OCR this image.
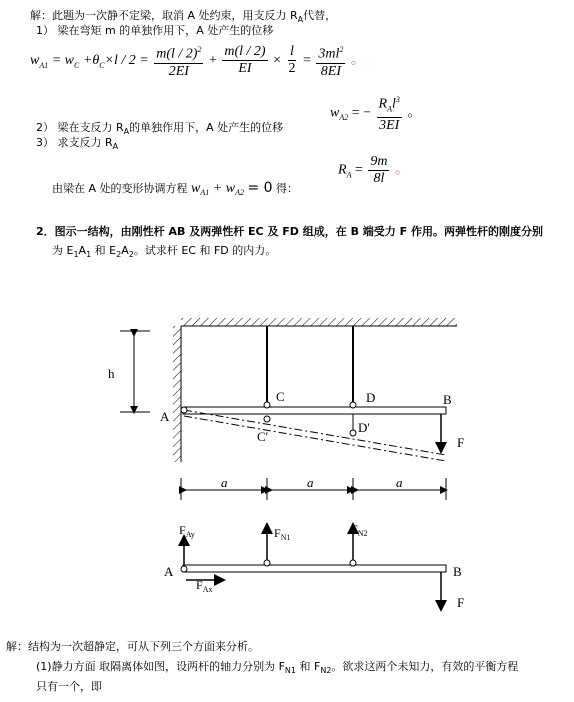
解：此题为一次静不定梁，取消 A 处约束，用支反力 $R_A$代替，
1） 梁在弯矩 m 的单独作用下，A 处产生的位移
$w_{A1} = w_C +\theta_C\times l / 2 = \frac{m(l / 2)^2}{2EI} + \frac{m(l / 2)}{EI} \times \frac{l}{2} = \frac{3ml^2}{8EI}$ 。
2） 梁在支反力 $R_A$的单独作用下，A 处产生的位移
$w_{A2}$ = − $\frac{R_Al^3}{3EI}$ 。
3） 求支反力 $R_A$
由梁在 A 处的变形协调方程 $w_{A1} + w_{A2} = 0$ 得：
$R_A = \frac{9m}{8l}$ 。
2．图示一结构，由刚性杆 AB 及两弹性杆 EC 及 FD 组成，在 B 端受力 F 作用。两弹性杆的刚度分别
为 $E_1A_1$ 和 $E_2A_2$。试求杆 EC 和 FD 的内力。
h
A
C	D	B
C'
D'
F
a	a	a
$F_{Ay}$	$F_{N1}$
$F_{N2}$
A	B
$F_{Ax}$
F
解：结构为一次超静定，可从下列三个方面来分析。
(1)静力方面 取隔离体如图，设两杆的轴力分别为 $F_{N1}$ 和 $F_{N2}$。欲求这两个未知力，有效的平衡方程
只有一个，即
